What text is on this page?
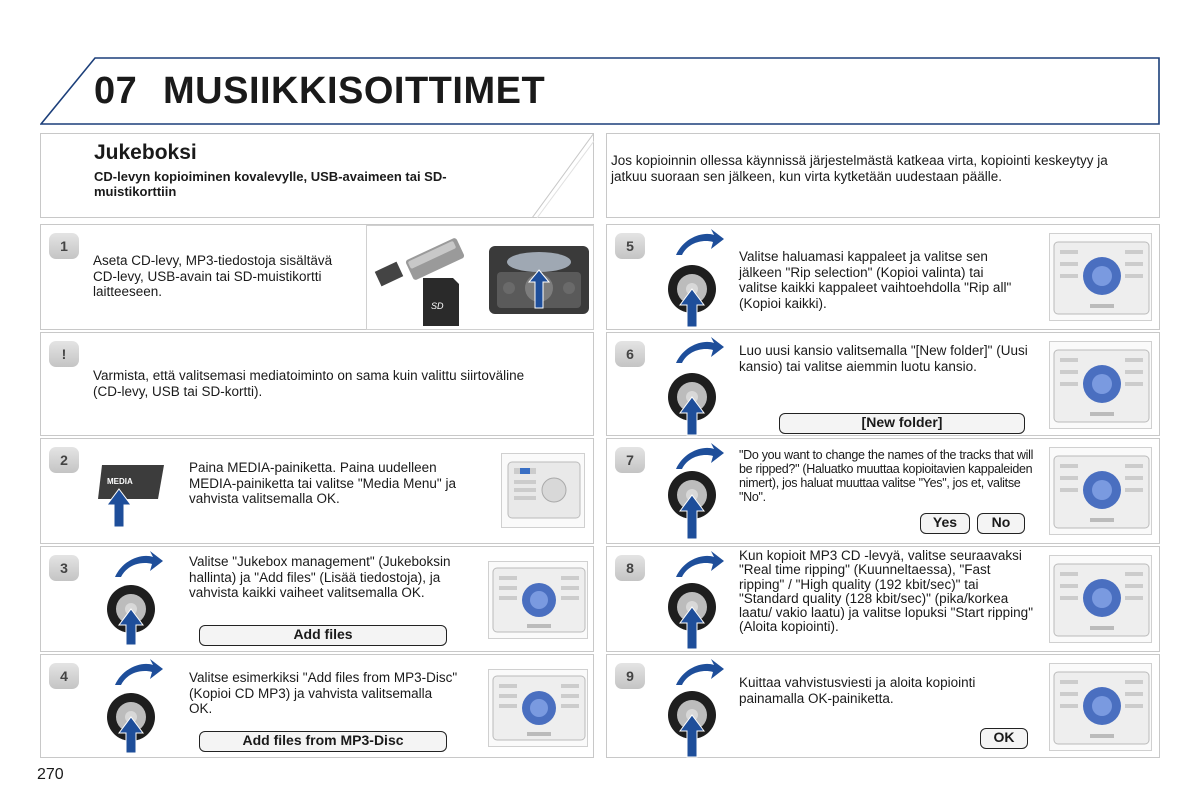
07 MUSIIKKISOITTIMET
Jukeboksi
CD-levyn kopioiminen kovalevylle, USB-avaimeen tai SD-muistikorttiin
Jos kopioinnin ollessa käynnissä järjestelmästä katkeaa virta, kopiointi keskeytyy ja jatkuu suoraan sen jälkeen, kun virta kytketään uudestaan päälle.
1
Aseta CD-levy, MP3-tiedostoja sisältävä CD-levy, USB-avain tai SD-muistikortti laitteeseen.
SD
!
Varmista, että valitsemasi mediatoiminto on sama kuin valittu siirtoväline (CD-levy, USB tai SD-kortti).
2
MEDIA
Paina MEDIA-painiketta. Paina uudelleen MEDIA-painiketta tai valitse "Media Menu" ja vahvista valitsemalla OK.
3	Valitse "Jukebox management" (Jukeboksin hallinta) ja "Add files" (Lisää tiedostoja), ja vahvista kaikki vaiheet valitsemalla OK.
Add files
4	Valitse esimerkiksi "Add files from MP3-Disc" (Kopioi CD MP3) ja vahvista valitsemalla OK.
Add files from MP3-Disc
5
Valitse haluamasi kappaleet ja valitse sen jälkeen "Rip selection" (Kopioi valinta) tai valitse kaikki kappaleet vaihtoehdolla "Rip all" (Kopioi kaikki).
6	Luo uusi kansio valitsemalla "[New folder]" (Uusi kansio) tai valitse aiemmin luotu kansio.
[New folder]
7	"Do you want to change the names of the tracks that will be ripped?" (Haluatko muuttaa kopioitavien kappaleiden nimert), jos haluat muuttaa valitse "Yes", jos et, valitse "No".
Yes	No
8
Kun kopioit MP3 CD -levyä, valitse seuraavaksi "Real time ripping" (Kuunneltaessa), "Fast ripping" / "High quality (192 kbit/sec)" tai "Standard quality (128 kbit/sec)" (pika/korkea laatu/ vakio laatu) ja valitse lopuksi "Start ripping" (Aloita kopiointi).
9	Kuittaa vahvistusviesti ja aloita kopiointi painamalla OK-painiketta.
OK
270
